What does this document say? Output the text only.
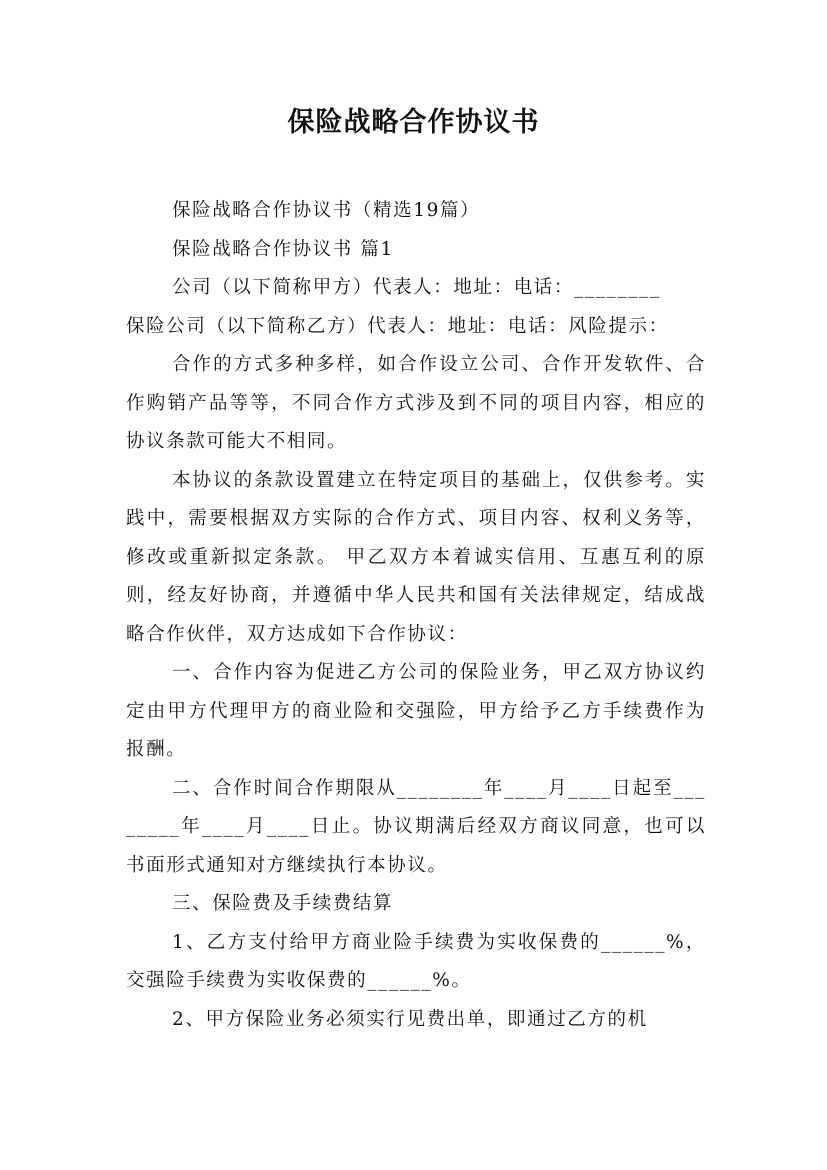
保险战略合作协议书

保险战略合作协议书（精选19篇）

保险战略合作协议书 篇1

公司（以下简称甲方）代表人：地址：电话：________

保险公司（以下简称乙方）代表人：地址：电话：风险提示：

合作的方式多种多样，如合作设立公司、合作开发软件、合作购销产品等等，不同合作方式涉及到不同的项目内容，相应的协议条款可能大不相同。

本协议的条款设置建立在特定项目的基础上，仅供参考。实践中，需要根据双方实际的合作方式、项目内容、权利义务等，修改或重新拟定条款。 甲乙双方本着诚实信用、互惠互利的原则，经友好协商，并遵循中华人民共和国有关法律规定，结成战略合作伙伴，双方达成如下合作协议：

一、合作内容为促进乙方公司的保险业务，甲乙双方协议约定由甲方代理甲方的商业险和交强险，甲方给予乙方手续费作为报酬。

二、合作时间合作期限从________年____月____日起至________年____月____日止。协议期满后经双方商议同意，也可以书面形式通知对方继续执行本协议。

三、保险费及手续费结算

1、乙方支付给甲方商业险手续费为实收保费的______%，交强险手续费为实收保费的______%。

2、甲方保险业务必须实行见费出单，即通过乙方的机
